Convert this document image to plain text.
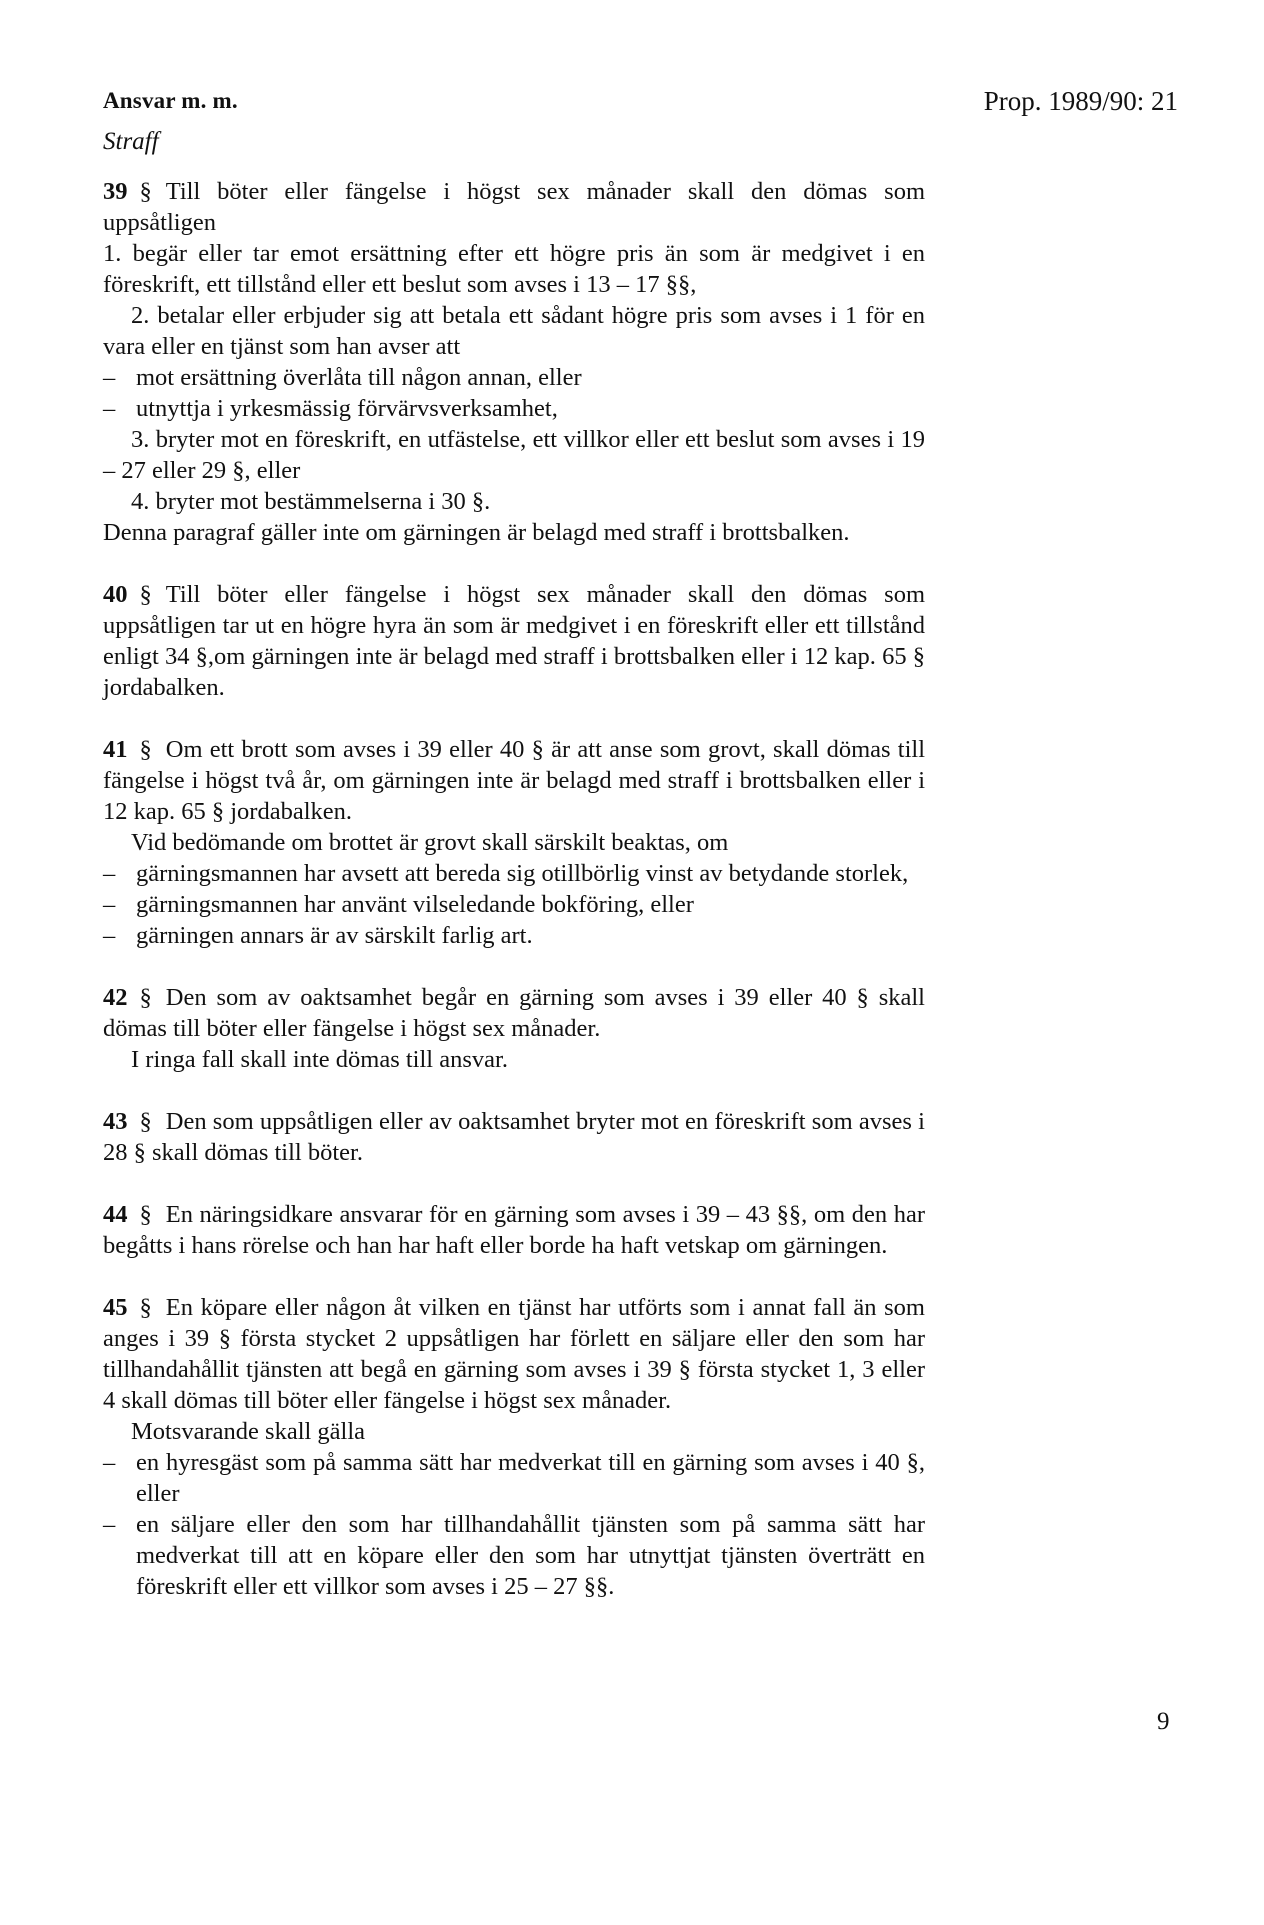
Ansvar m. m.	Prop. 1989/90: 21
Straff

39 § Till böter eller fängelse i högst sex månader skall den dömas som uppsåtligen

1. begär eller tar emot ersättning efter ett högre pris än som är medgivet i en föreskrift, ett tillstånd eller ett beslut som avses i 13 – 17 §§,

2. betalar eller erbjuder sig att betala ett sådant högre pris som avses i 1 för en vara eller en tjänst som han avser att

– mot ersättning överlåta till någon annan, eller
– utnyttja i yrkesmässig förvärvsverksamhet,

3. bryter mot en föreskrift, en utfästelse, ett villkor eller ett beslut som avses i 19 – 27 eller 29 §, eller

4. bryter mot bestämmelserna i 30 §.

Denna paragraf gäller inte om gärningen är belagd med straff i brottsbalken.

40 § Till böter eller fängelse i högst sex månader skall den dömas som uppsåtligen tar ut en högre hyra än som är medgivet i en föreskrift eller ett tillstånd enligt 34 §,om gärningen inte är belagd med straff i brottsbalken eller i 12 kap. 65 § jordabalken.

41 § Om ett brott som avses i 39 eller 40 § är att anse som grovt, skall dömas till fängelse i högst två år, om gärningen inte är belagd med straff i brottsbalken eller i 12 kap. 65 § jordabalken.

Vid bedömande om brottet är grovt skall särskilt beaktas, om

– gärningsmannen har avsett att bereda sig otillbörlig vinst av betydande storlek,
– gärningsmannen har använt vilseledande bokföring, eller
– gärningen annars är av särskilt farlig art.

42 § Den som av oaktsamhet begår en gärning som avses i 39 eller 40 § skall dömas till böter eller fängelse i högst sex månader.

I ringa fall skall inte dömas till ansvar.

43 § Den som uppsåtligen eller av oaktsamhet bryter mot en föreskrift som avses i 28 § skall dömas till böter.

44 § En näringsidkare ansvarar för en gärning som avses i 39 – 43 §§, om den har begåtts i hans rörelse och han har haft eller borde ha haft vetskap om gärningen.

45 § En köpare eller någon åt vilken en tjänst har utförts som i annat fall än som anges i 39 § första stycket 2 uppsåtligen har förlett en säljare eller den som har tillhandahållit tjänsten att begå en gärning som avses i 39 § första stycket 1, 3 eller 4 skall dömas till böter eller fängelse i högst sex månader.

Motsvarande skall gälla

– en hyresgäst som på samma sätt har medverkat till en gärning som avses i 40 §, eller
– en säljare eller den som har tillhandahållit tjänsten som på samma sätt har medverkat till att en köpare eller den som har utnyttjat tjänsten överträtt en föreskrift eller ett villkor som avses i 25 – 27 §§.
9
